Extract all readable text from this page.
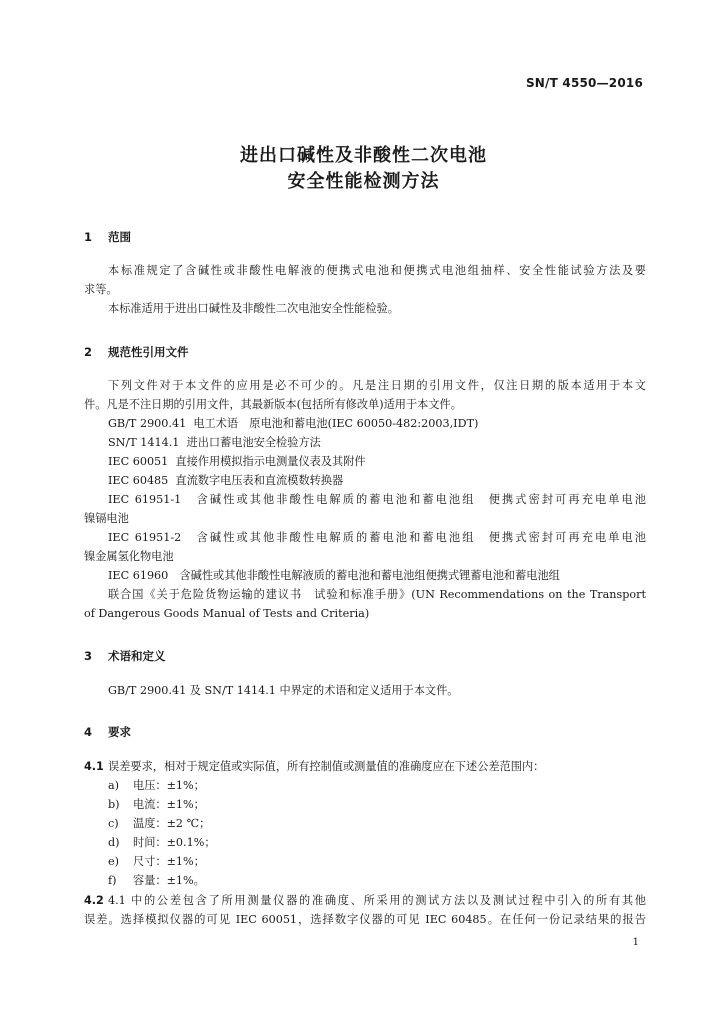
SN/T 4550—2016
进出口碱性及非酸性二次电池
安全性能检测方法
1 范围
本标准规定了含碱性或非酸性电解液的便携式电池和便携式电池组抽样、安全性能试验方法及要
求等。
本标准适用于进出口碱性及非酸性二次电池安全性能检验。
2 规范性引用文件
下列文件对于本文件的应用是必不可少的。凡是注日期的引用文件，仅注日期的版本适用于本文
件。凡是不注日期的引用文件，其最新版本(包括所有修改单)适用于本文件。
GB/T 2900.41 电工术语　原电池和蓄电池(IEC 60050-482:2003,IDT)
SN/T 1414.1 进出口蓄电池安全检验方法
IEC 60051 直接作用模拟指示电测量仪表及其附件
IEC 60485 直流数字电压表和直流模数转换器
IEC 61951-1　含碱性或其他非酸性电解质的蓄电池和蓄电池组　便携式密封可再充电单电池
镍镉电池
IEC 61951-2　含碱性或其他非酸性电解质的蓄电池和蓄电池组　便携式密封可再充电单电池
镍金属氢化物电池
IEC 61960　含碱性或其他非酸性电解液质的蓄电池和蓄电池组便携式锂蓄电池和蓄电池组
联合国《关于危险货物运输的建议书　试验和标准手册》(UN Recommendations on the Transport
of Dangerous Goods Manual of Tests and Criteria)
3 术语和定义
GB/T 2900.41 及 SN/T 1414.1 中界定的术语和定义适用于本文件。
4 要求
4.1 误差要求，相对于规定值或实际值，所有控制值或测量值的准确度应在下述公差范围内：
a) 电压：±1%；
b) 电流：±1%；
c) 温度：±2 ℃；
d) 时间：±0.1%；
e) 尺寸：±1%；
f) 容量：±1%。
4.2 4.1 中的公差包含了所用测量仪器的准确度、所采用的测试方法以及测试过程中引入的所有其他
误差。选择模拟仪器的可见 IEC 60051，选择数字仪器的可见 IEC 60485。在任何一份记录结果的报告
1
